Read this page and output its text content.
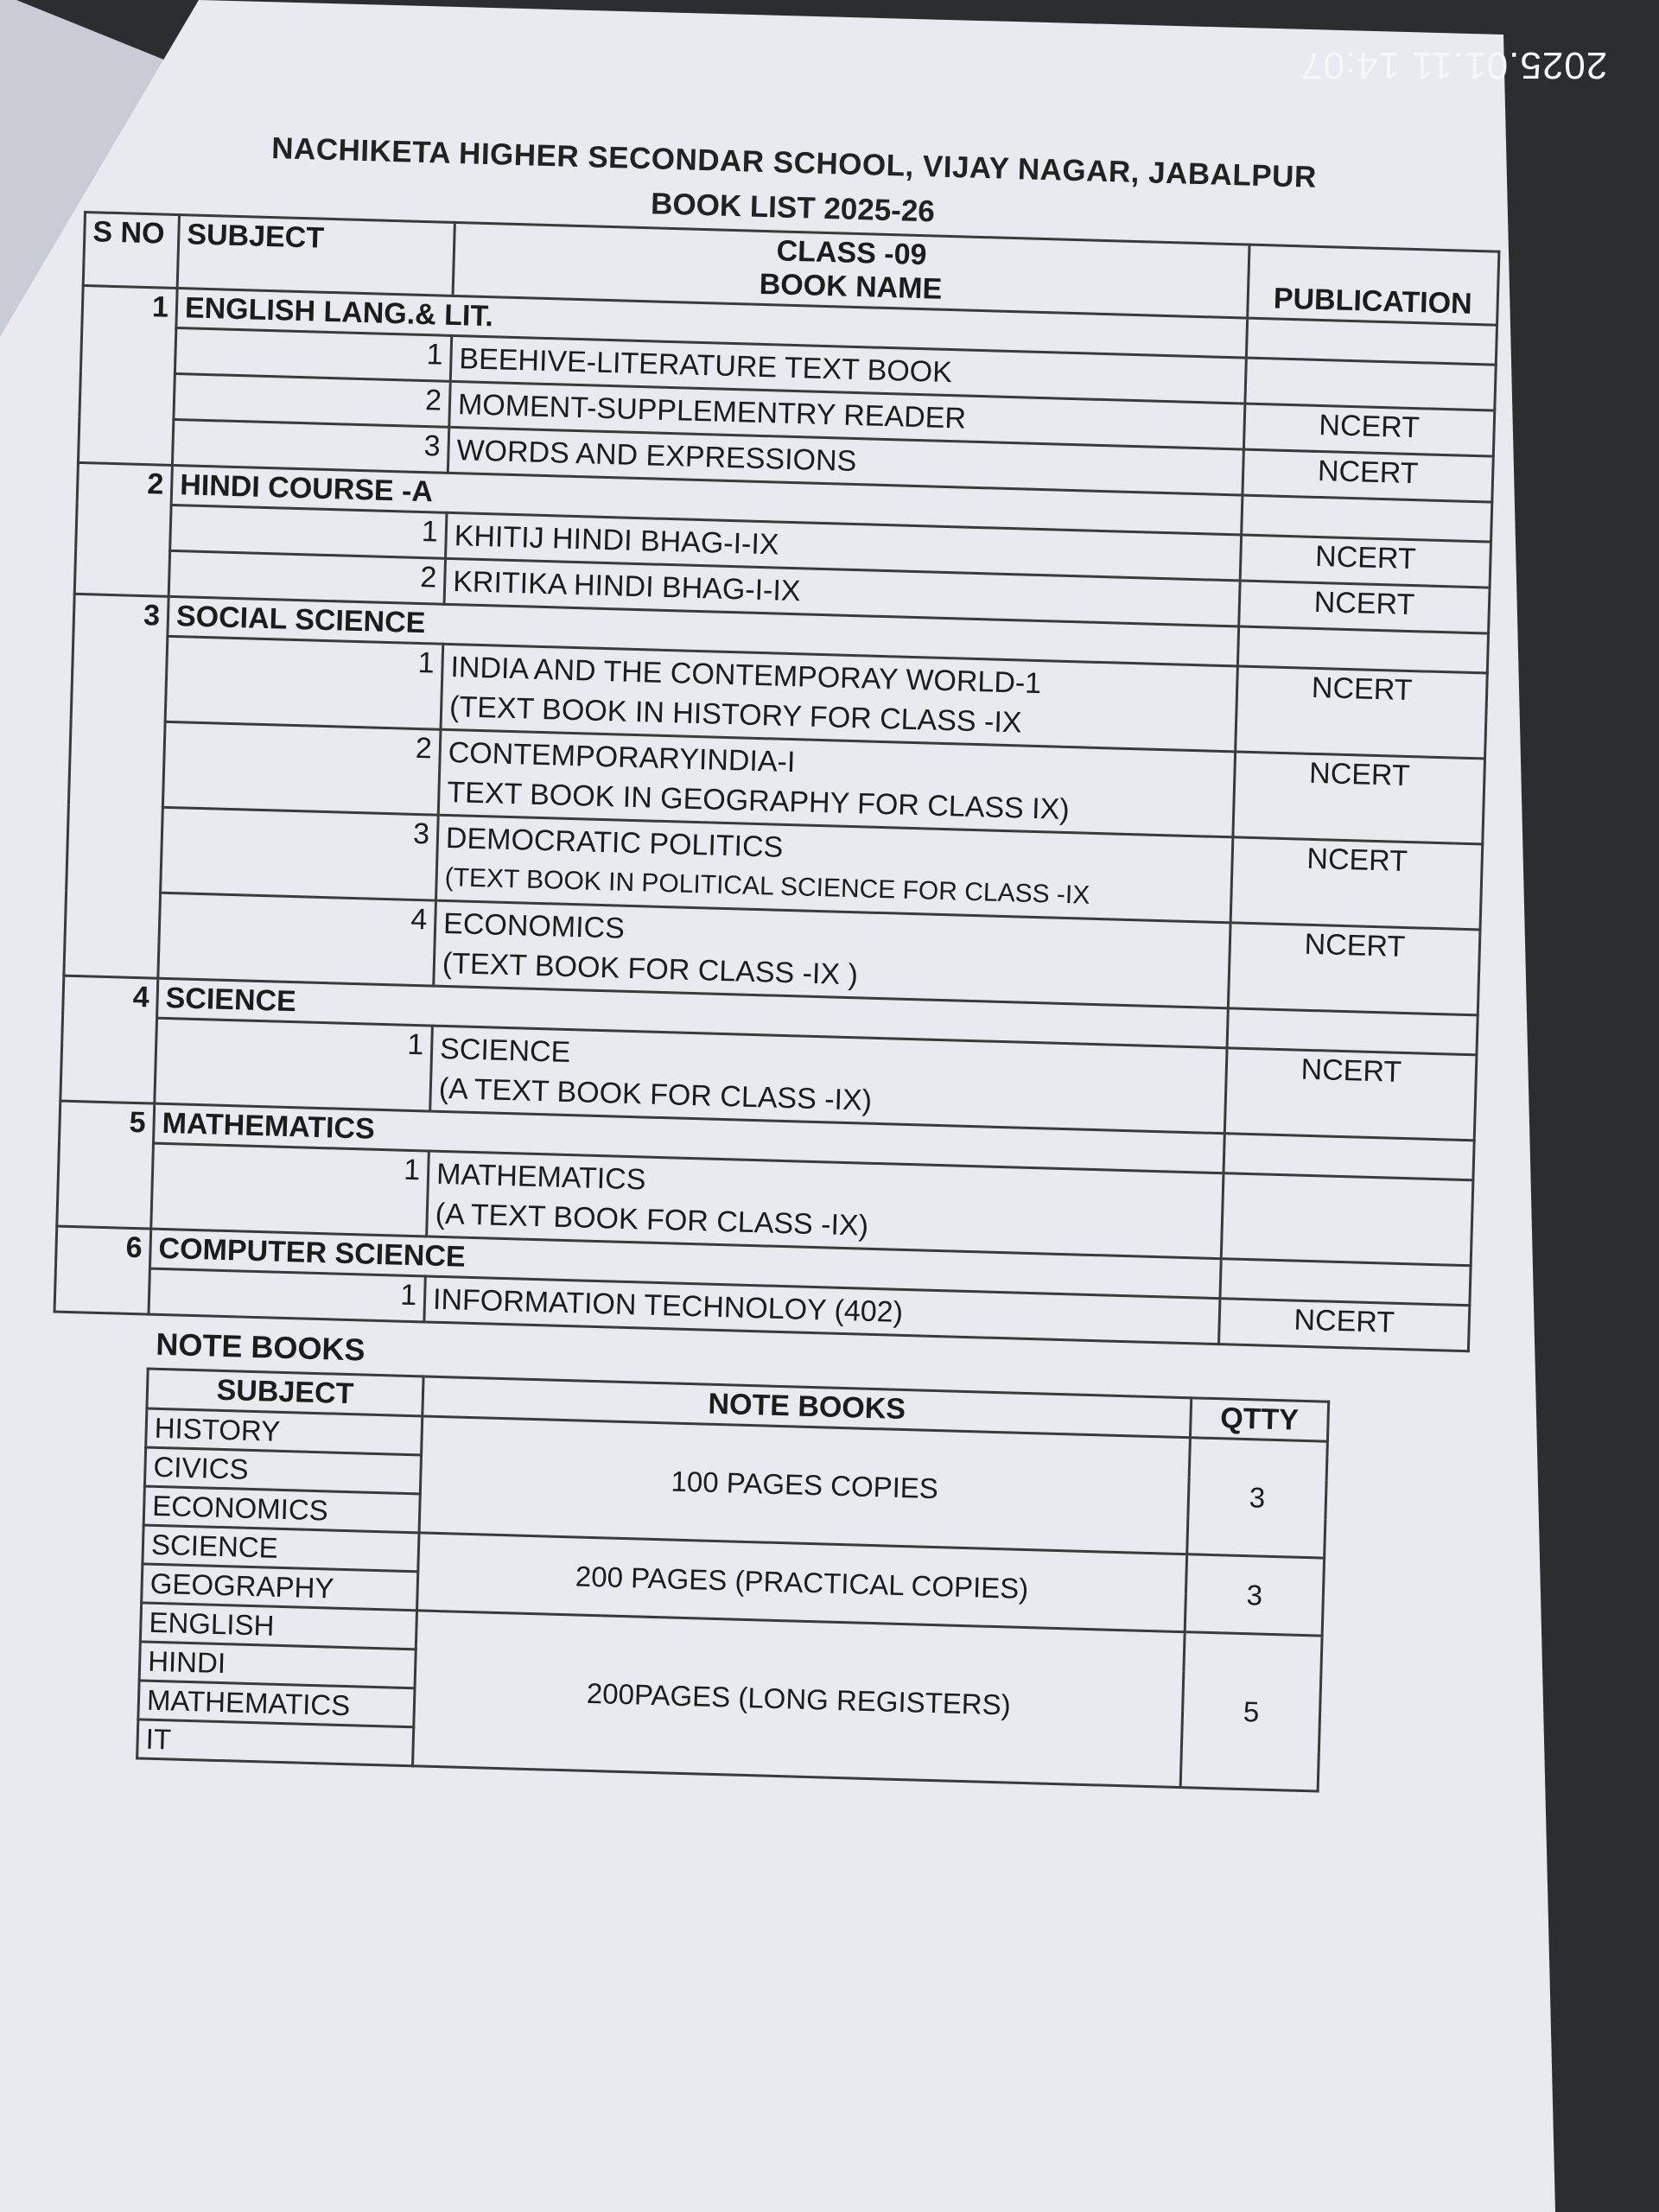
2025.01.11 14:07
NACHIKETA HIGHER SECONDAR SCHOOL, VIJAY NAGAR, JABALPUR
BOOK LIST 2025-26
S NO	SUBJECT	CLASS -09
BOOK NAME	PUBLICATION
1	ENGLISH LANG.& LIT.		
	1	BEEHIVE-LITERATURE TEXT BOOK	

	2	MOMENT-SUPPLEMENTRY READER	NCERT
	3	WORDS AND EXPRESSIONS	NCERT
2	HINDI COURSE -A		
	1	KHITIJ HINDI BHAG-I-IX	NCERT
	2	KRITIKA HINDI BHAG-I-IX	NCERT
3	SOCIAL SCIENCE		
	1	INDIA AND THE CONTEMPORAY WORLD-1
(TEXT BOOK IN HISTORY FOR CLASS -IX	NCERT
	2	CONTEMPORARYINDIA-I
TEXT BOOK IN GEOGRAPHY FOR CLASS IX)	NCERT
	3	DEMOCRATIC POLITICS
(TEXT BOOK IN POLITICAL SCIENCE FOR CLASS -IX	NCERT
	4	ECONOMICS
(TEXT BOOK FOR CLASS -IX )	NCERT
4	SCIENCE		
	1	SCIENCE
(A TEXT BOOK FOR CLASS -IX)	NCERT
5	MATHEMATICS		
	1	MATHEMATICS
(A TEXT BOOK FOR CLASS -IX)	

6	COMPUTER SCIENCE		
	1	INFORMATION TECHNOLOY (402)	NCERT
NOTE BOOKS
SUBJECT	NOTE BOOKS	QTTY
HISTORY	100 PAGES COPIES	3
CIVICS		
ECONOMICS		
SCIENCE	200 PAGES (PRACTICAL COPIES)	3
GEOGRAPHY		
ENGLISH	200PAGES (LONG REGISTERS)	5
HINDI		
MATHEMATICS		
IT		
